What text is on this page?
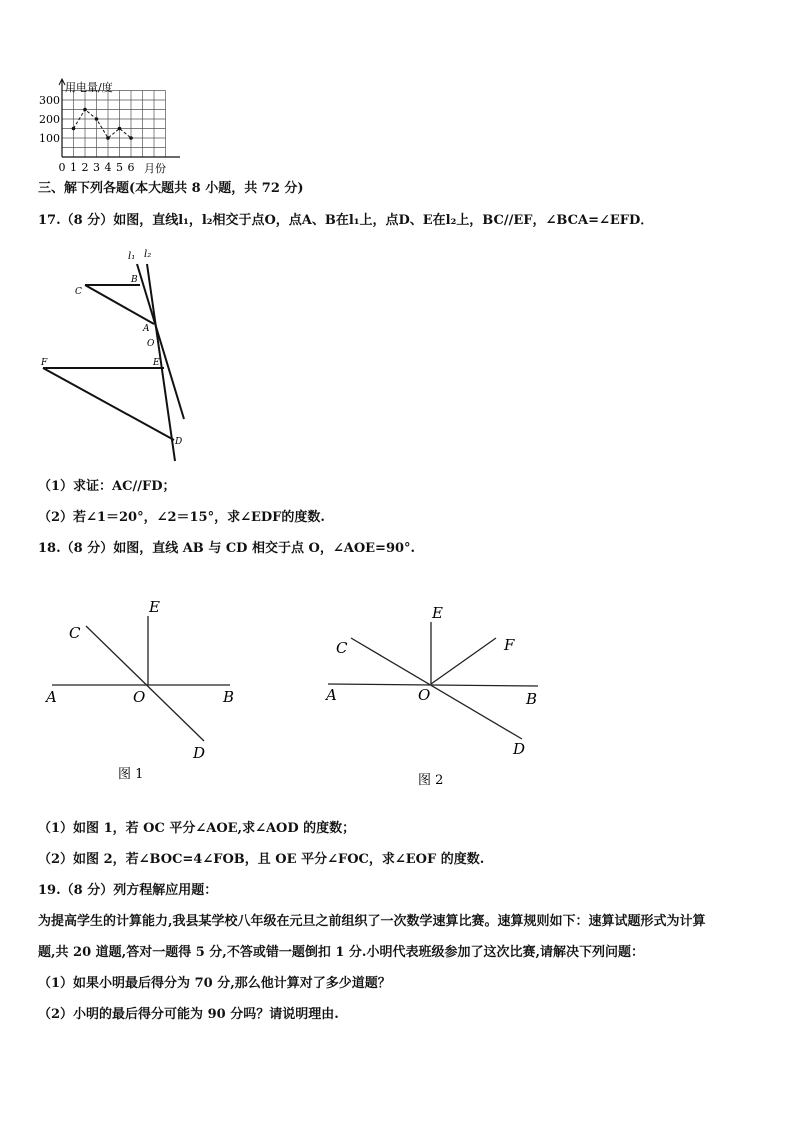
300
200
100
0 1 2 3 4 5 6
用电量/度
月份
三、解下列各题(本大题共 8 小题，共 72 分)
17.（8 分）如图，直线l₁，l₂相交于点O，点A、B在l₁上，点D、E在l₂上，BC//EF，∠BCA=∠EFD．
l₁ l₂
B
C
A
O
F	E
D
（1）求证：AC//FD；
（2）若∠1＝20°，∠2＝15°，求∠EDF的度数.
18.（8 分）如图，直线 AB 与 CD 相交于点 O，∠AOE=90°.
E
C
A	O	B
D
图 1
E
C	F
A	O	B
D
图 2
（1）如图 1，若 OC 平分∠AOE,求∠AOD 的度数；
（2）如图 2，若∠BOC=4∠FOB，且 OE 平分∠FOC，求∠EOF 的度数.
19.（8 分）列方程解应用题：
为提高学生的计算能力,我县某学校八年级在元旦之前组织了一次数学速算比赛。速算规则如下：速算试题形式为计算
题,共 20 道题,答对一题得 5 分,不答或错一题倒扣 1 分.小明代表班级参加了这次比赛,请解决下列问题：
（1）如果小明最后得分为 70 分,那么他计算对了多少道题？
（2）小明的最后得分可能为 90 分吗？请说明理由.
